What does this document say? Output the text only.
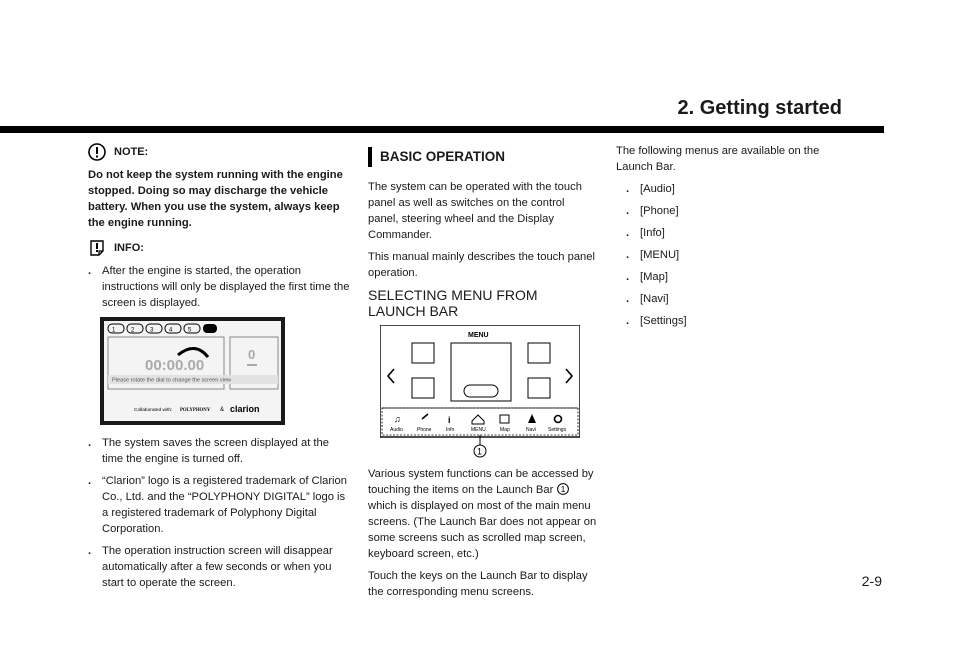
2. Getting started
NOTE:

Do not keep the system running with the engine stopped. Doing so may discharge the vehicle battery. When you use the system, always keep the engine running.

INFO:
. After the engine is started, the operation instructions will only be displayed the first time the screen is displayed.
1	2	3	4	5
00:00.00
0
Please rotate the dial to change the screen view
Collaborated with: POLYPHONY & clarion
. The system saves the screen displayed at the time the engine is turned off.
. “Clarion” logo is a registered trademark of Clarion Co., Ltd. and the “POLYPHONY DIGITAL” logo is a registered trademark of Polyphony Digital Corporation.
. The operation instruction screen will disappear automatically after a few seconds or when you start to operate the screen.
BASIC OPERATION

The system can be operated with the touch panel as well as switches on the control panel, steering wheel and the Display Commander.

This manual mainly describes the touch panel operation.

SELECTING MENU FROM LAUNCH BAR
MENU
♫	i
Audio	Phone	Info	MENU	Map	Navi Settings
1

Various system functions can be accessed by touching the items on the Launch Bar 1
which is displayed on most of the main menu screens. (The Launch Bar does not appear on some screens such as scrolled map screen, keyboard screen, etc.)

Touch the keys on the Launch Bar to display the corresponding menu screens.

The following menus are available on the Launch Bar.

. [Audio]
. [Phone]
. [Info]
. [MENU]
. [Map]
. [Navi]
. [Settings]
2-9
